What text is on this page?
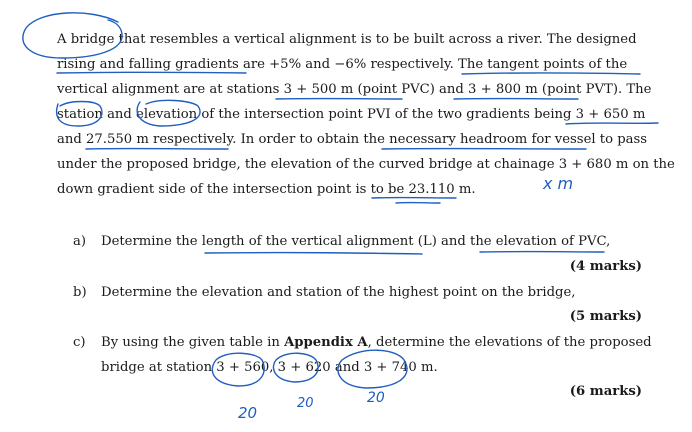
A bridge that resembles a vertical alignment is to be built across a river. The designed
rising and falling gradients are +5% and −6% respectively. The tangent points of the
vertical alignment are at stations 3 + 500 m (point PVC) and 3 + 800 m (point PVT). The
station and elevation of the intersection point PVI of the two gradients being 3 + 650 m
and 27.550 m respectively. In order to obtain the necessary headroom for vessel to pass
under the proposed bridge, the elevation of the curved bridge at chainage 3 + 680 m on the
down gradient side of the intersection point is to be 23.110 m.
a) Determine the length of the vertical alignment (L) and the elevation of PVC,
(4 marks)
b) Determine the elevation and station of the highest point on the bridge,
(5 marks)
c) By using the given table in Appendix A, determine the elevations of the proposed
bridge at station 3 + 560, 3 + 620 and 3 + 740 m.
(6 marks)
x m
20
20	20
